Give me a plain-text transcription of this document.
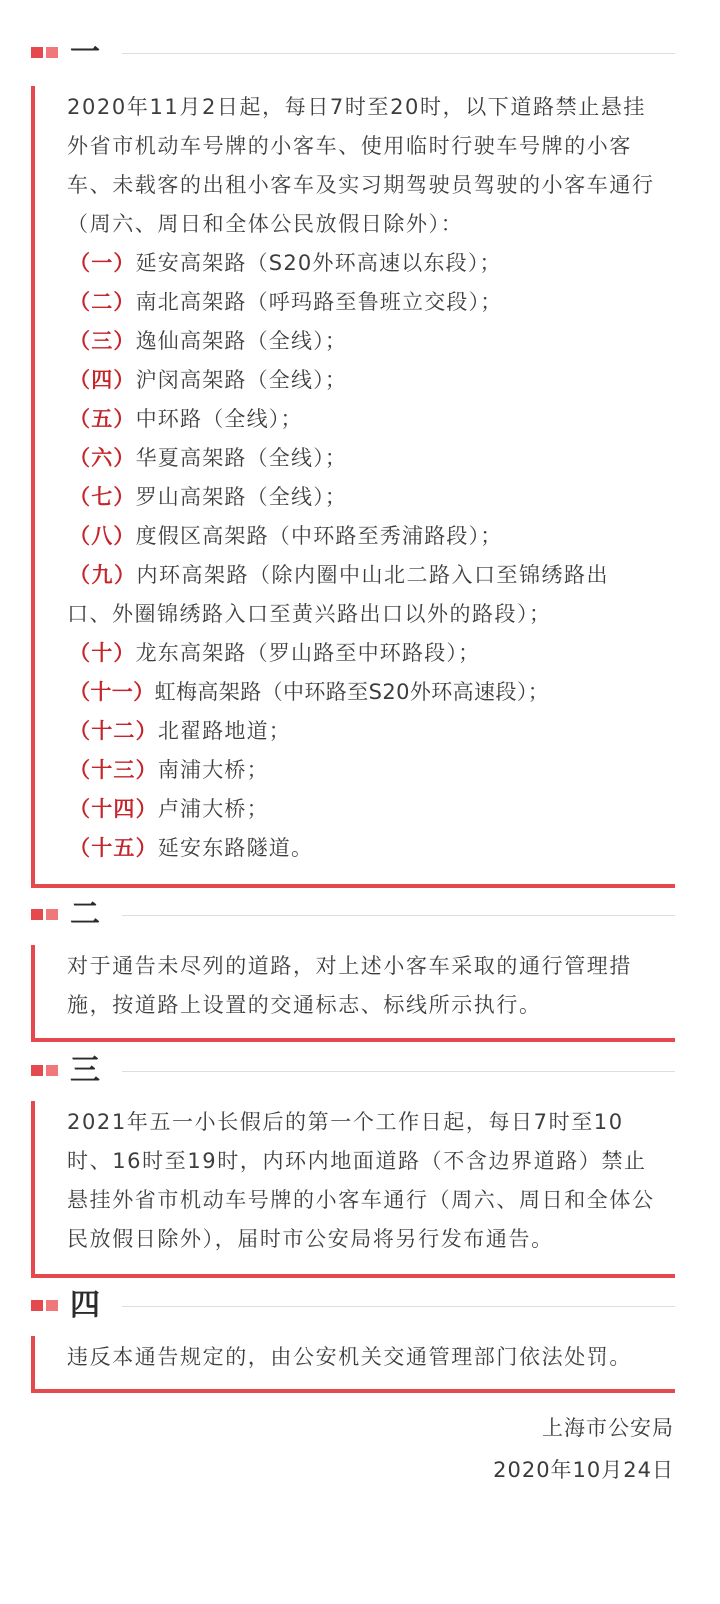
一

2020年11月2日起，每日7时至20时，以下道路禁止悬挂外省市机动车号牌的小客车、使用临时行驶车号牌的小客车、未载客的出租小客车及实习期驾驶员驾驶的小客车通行（周六、周日和全体公民放假日除外）：

（一）延安高架路（S20外环高速以东段）；
（二）南北高架路（呼玛路至鲁班立交段）；
（三）逸仙高架路（全线）；
（四）沪闵高架路（全线）；
（五）中环路（全线）；
（六）华夏高架路（全线）；
（七）罗山高架路（全线）；
（八）度假区高架路（中环路至秀浦路段）；
（九）内环高架路（除内圈中山北二路入口至锦绣路出
口、外圈锦绣路入口至黄兴路出口以外的路段）；
（十）龙东高架路（罗山路至中环路段）；
（十一）虹梅高架路（中环路至S20外环高速段）；
（十二）北翟路地道；
（十三）南浦大桥；
（十四）卢浦大桥；
（十五）延安东路隧道。
二

对于通告未尽列的道路，对上述小客车采取的通行管理措施，按道路上设置的交通标志、标线所示执行。

三

2021年五一小长假后的第一个工作日起，每日7时至10时、16时至19时，内环内地面道路（不含边界道路）禁止悬挂外省市机动车号牌的小客车通行（周六、周日和全体公民放假日除外），届时市公安局将另行发布通告。

四

违反本通告规定的，由公安机关交通管理部门依法处罚。

上海市公安局
2020年10月24日
